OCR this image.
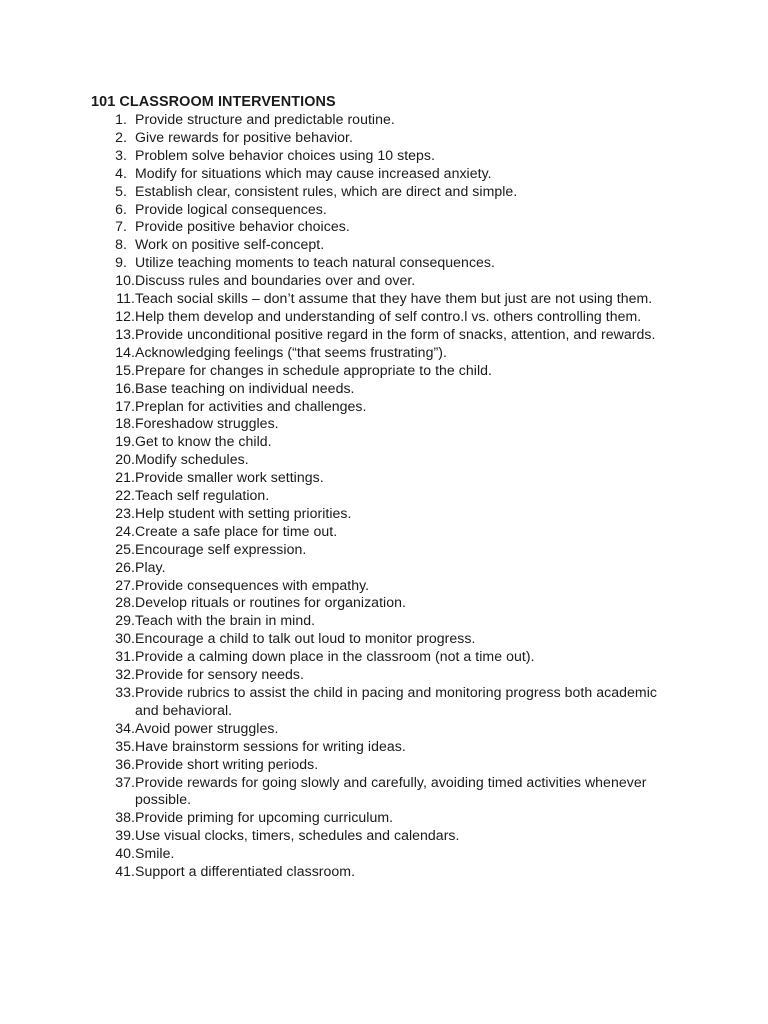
101 CLASSROOM INTERVENTIONS
1. Provide structure and predictable routine.
2. Give rewards for positive behavior.
3. Problem solve behavior choices using 10 steps.
4. Modify for situations which may cause increased anxiety.
5. Establish clear, consistent rules, which are direct and simple.
6. Provide logical consequences.
7. Provide positive behavior choices.
8. Work on positive self-concept.
9. Utilize teaching moments to teach natural consequences.
10. Discuss rules and boundaries over and over.
11. Teach social skills – don’t assume that they have them but just are not using them.
12. Help them develop and understanding of self contro.l vs. others controlling them.
13. Provide unconditional positive regard in the form of snacks, attention, and rewards.
14. Acknowledging feelings (“that seems frustrating”).
15. Prepare for changes in schedule appropriate to the child.
16. Base teaching on individual needs.
17. Preplan for activities and challenges.
18. Foreshadow struggles.
19. Get to know the child.
20. Modify schedules.
21. Provide smaller work settings.
22. Teach self regulation.
23. Help student with setting priorities.
24. Create a safe place for time out.
25. Encourage self expression.
26. Play.
27. Provide consequences with empathy.
28. Develop rituals or routines for organization.
29. Teach with the brain in mind.
30. Encourage a child to talk out loud to monitor progress.
31. Provide a calming down place in the classroom (not a time out).
32. Provide for sensory needs.
33. Provide rubrics to assist the child in pacing and monitoring progress both academic and behavioral.
34. Avoid power struggles.
35. Have brainstorm sessions for writing ideas.
36. Provide short writing periods.
37. Provide rewards for going slowly and carefully, avoiding timed activities whenever possible.
38. Provide priming for upcoming curriculum.
39. Use visual clocks, timers, schedules and calendars.
40. Smile.
41. Support a differentiated classroom.
